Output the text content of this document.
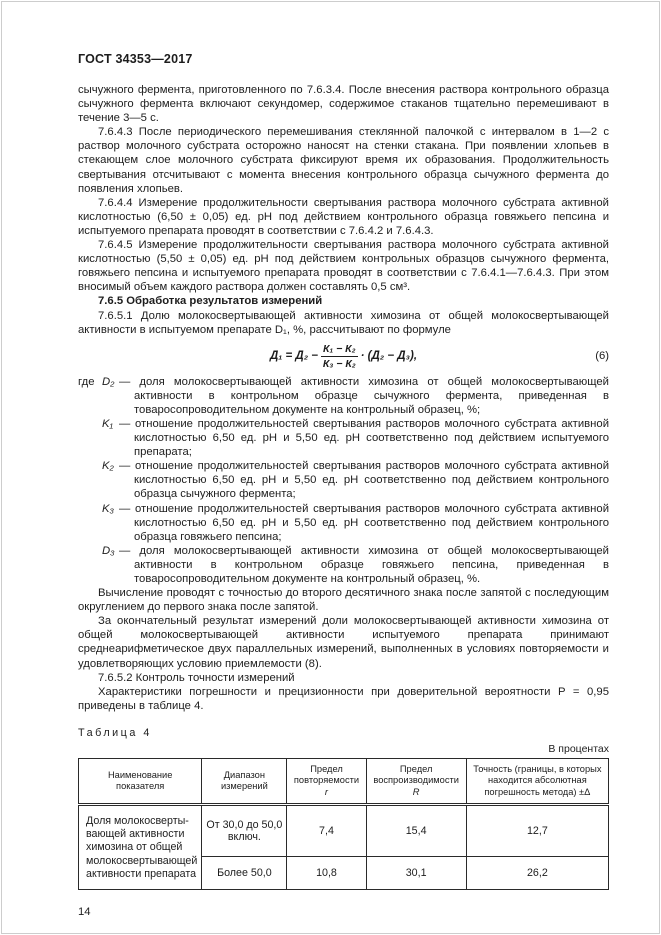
ГОСТ 34353—2017
сычужного фермента, приготовленного по 7.6.3.4. После внесения раствора контрольного образца сычужного фермента включают секундомер, содержимое стаканов тщательно перемешивают в течение 3—5 с.
7.6.4.3 После периодического перемешивания стеклянной палочкой с интервалом в 1—2 с раствор молочного субстрата осторожно наносят на стенки стакана. При появлении хлопьев в стекающем слое молочного субстрата фиксируют время их образования. Продолжительность свертывания отсчитывают с момента внесения контрольного образца сычужного фермента до появления хлопьев.
7.6.4.4 Измерение продолжительности свертывания раствора молочного субстрата активной кислотностью (6,50 ± 0,05) ед. pH под действием контрольного образца говяжьего пепсина и испытуемого препарата проводят в соответствии с 7.6.4.2 и 7.6.4.3.
7.6.4.5 Измерение продолжительности свертывания раствора молочного субстрата активной кислотностью (5,50 ± 0,05) ед. pH под действием контрольных образцов сычужного фермента, говяжьего пепсина и испытуемого препарата проводят в соответствии с 7.6.4.1—7.6.4.3. При этом вносимый объем каждого раствора должен составлять 0,5 см³.
7.6.5 Обработка результатов измерений
7.6.5.1 Долю молокосвертывающей активности химозина от общей молокосвертывающей активности в испытуемом препарате D₁, %, рассчитывают по формуле
$Д_1 = Д_2 - \frac{\text{К₁ − К₂}}{\text{К₃ − К₂}} \cdot (Д_2 - Д_3)$,	(6)
где D₂ — доля молокосвертывающей активности химозина от общей молокосвертывающей активности в контрольном образце сычужного фермента, приведенная в товаросопроводительном документе на контрольный образец, %;
K₁ — отношение продолжительностей свертывания растворов молочного субстрата активной кислотностью 6,50 ед. pH и 5,50 ед. pH соответственно под действием испытуемого препарата;
K₂ — отношение продолжительностей свертывания растворов молочного субстрата активной кислотностью 6,50 ед. pH и 5,50 ед. pH соответственно под действием контрольного образца сычужного фермента;
K₃ — отношение продолжительностей свертывания растворов молочного субстрата активной кислотностью 6,50 ед. pH и 5,50 ед. pH соответственно под действием контрольного образца говяжьего пепсина;
D₃ — доля молокосвертывающей активности химозина от общей молокосвертывающей активности в контрольном образце говяжьего пепсина, приведенная в товаросопроводительном документе на контрольный образец, %.
Вычисление проводят с точностью до второго десятичного знака после запятой с последующим округлением до первого знака после запятой.
За окончательный результат измерений доли молокосвертывающей активности химозина от общей молокосвертывающей активности испытуемого препарата принимают среднеарифметическое двух параллельных измерений, выполненных в условиях повторяемости и удовлетворяющих условию приемлемости (8).
7.6.5.2 Контроль точности измерений
Характеристики погрешности и прецизионности при доверительной вероятности P = 0,95 приведены в таблице 4.
Таблица 4
В процентах
Наименование показателя	Диапазон измерений	Предел повторяемости r	Предел воспроизводимости R	Точность (границы, в которых находится абсолютная погрешность метода) ±Δ
Доля молокосвертывающей активности химозина от общей молокосвертывающей активности препарата	От 30,0 до 50,0 включ.	7,4	15,4	12,7
	Более 50,0	10,8	30,1	26,2
14
